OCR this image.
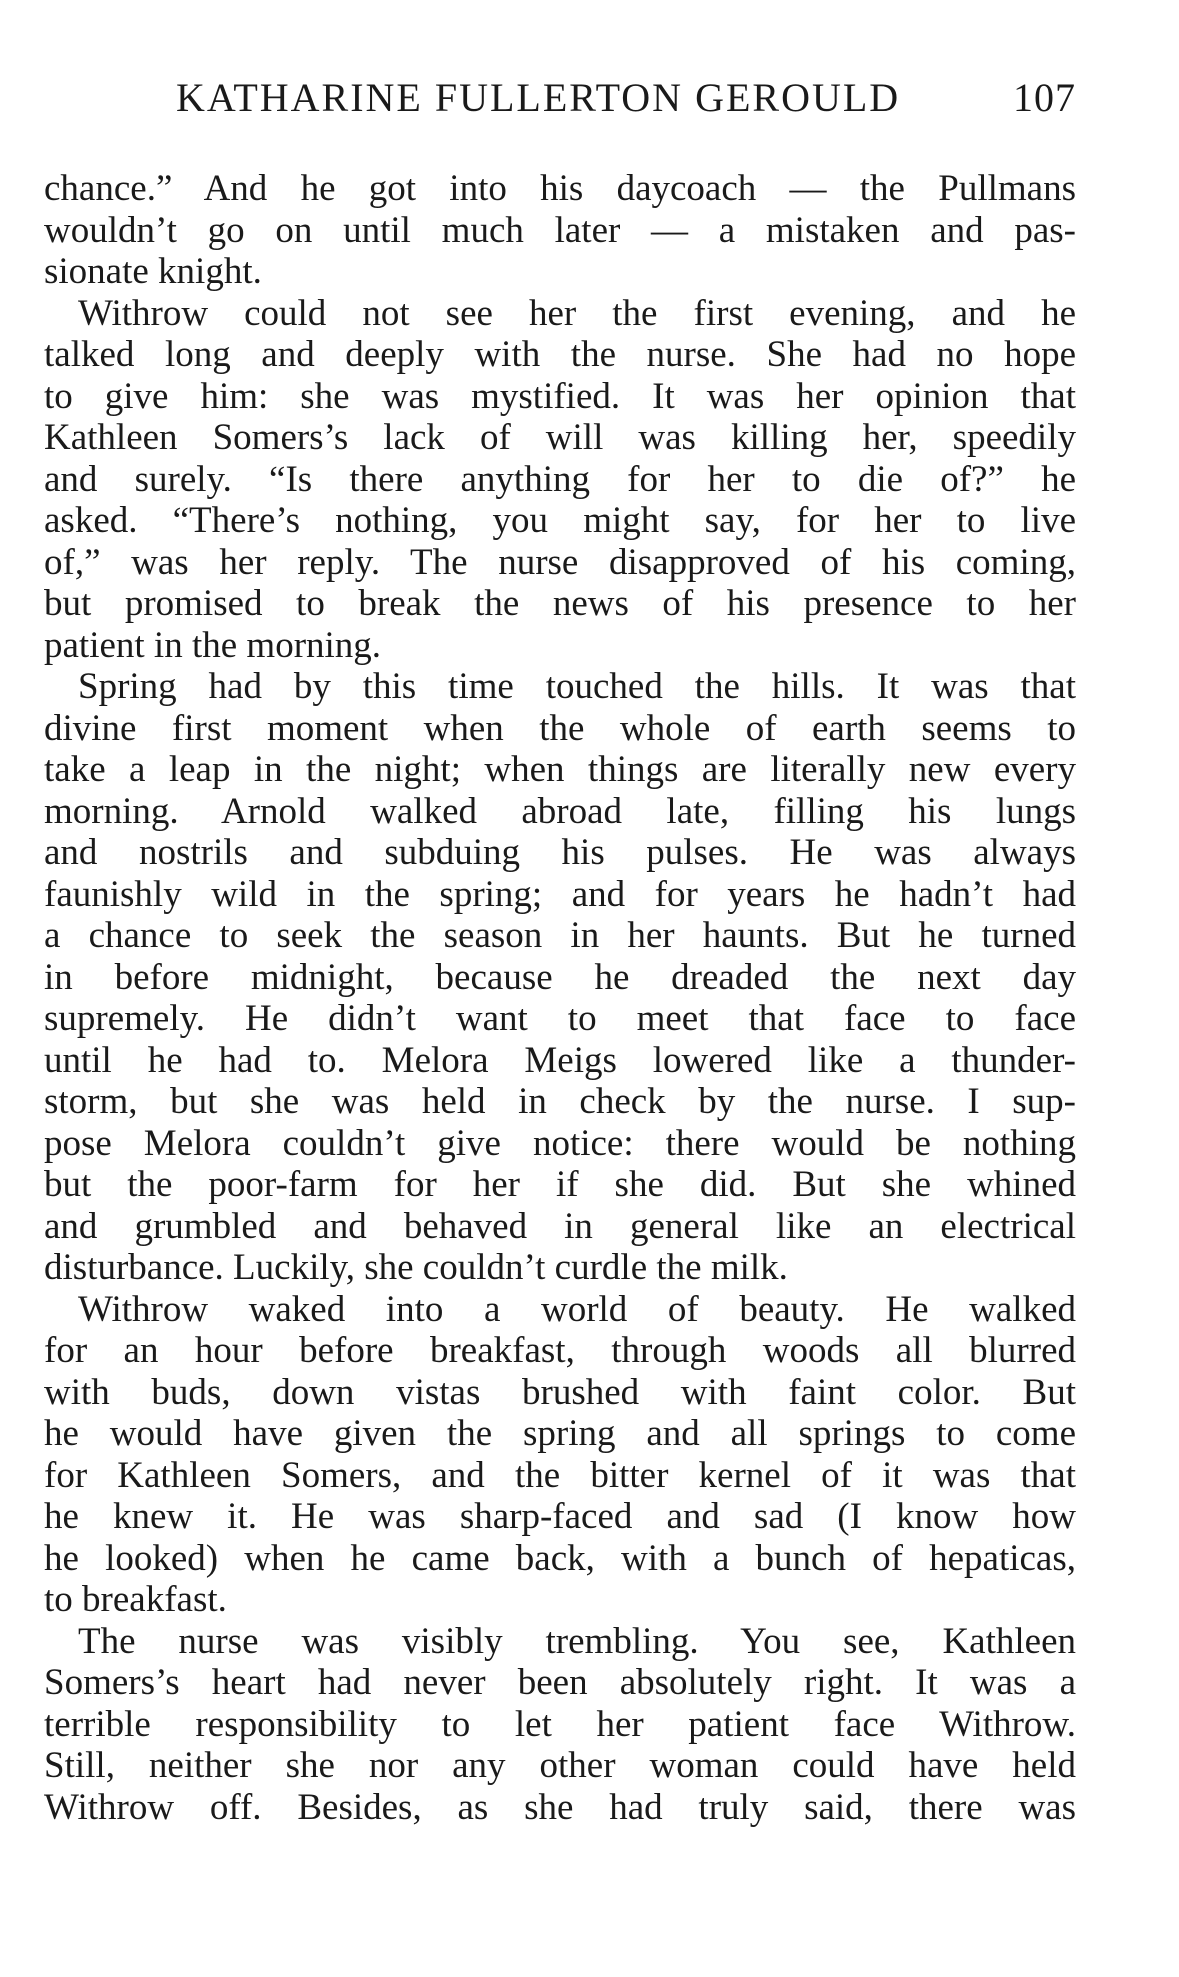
KATHARINE FULLERTON GEROULD	107
chance.” And he got into his daycoach — the Pullmans
wouldn’t go on until much later — a mistaken and pas-
sionate knight.
Withrow could not see her the first evening, and he
talked long and deeply with the nurse. She had no hope
to give him: she was mystified. It was her opinion that
Kathleen Somers’s lack of will was killing her, speedily
and surely. “Is there anything for her to die of?” he
asked. “There’s nothing, you might say, for her to live
of,” was her reply. The nurse disapproved of his coming,
but promised to break the news of his presence to her
patient in the morning.
Spring had by this time touched the hills. It was that
divine first moment when the whole of earth seems to
take a leap in the night; when things are literally new every
morning. Arnold walked abroad late, filling his lungs
and nostrils and subduing his pulses. He was always
faunishly wild in the spring; and for years he hadn’t had
a chance to seek the season in her haunts. But he turned
in before midnight, because he dreaded the next day
supremely. He didn’t want to meet that face to face
until he had to. Melora Meigs lowered like a thunder-
storm, but she was held in check by the nurse. I sup-
pose Melora couldn’t give notice: there would be nothing
but the poor-farm for her if she did. But she whined
and grumbled and behaved in general like an electrical
disturbance. Luckily, she couldn’t curdle the milk.
Withrow waked into a world of beauty. He walked
for an hour before breakfast, through woods all blurred
with buds, down vistas brushed with faint color. But
he would have given the spring and all springs to come
for Kathleen Somers, and the bitter kernel of it was that
he knew it. He was sharp-faced and sad (I know how
he looked) when he came back, with a bunch of hepaticas,
to breakfast.
The nurse was visibly trembling. You see, Kathleen
Somers’s heart had never been absolutely right. It was a
terrible responsibility to let her patient face Withrow.
Still, neither she nor any other woman could have held
Withrow off. Besides, as she had truly said, there was
